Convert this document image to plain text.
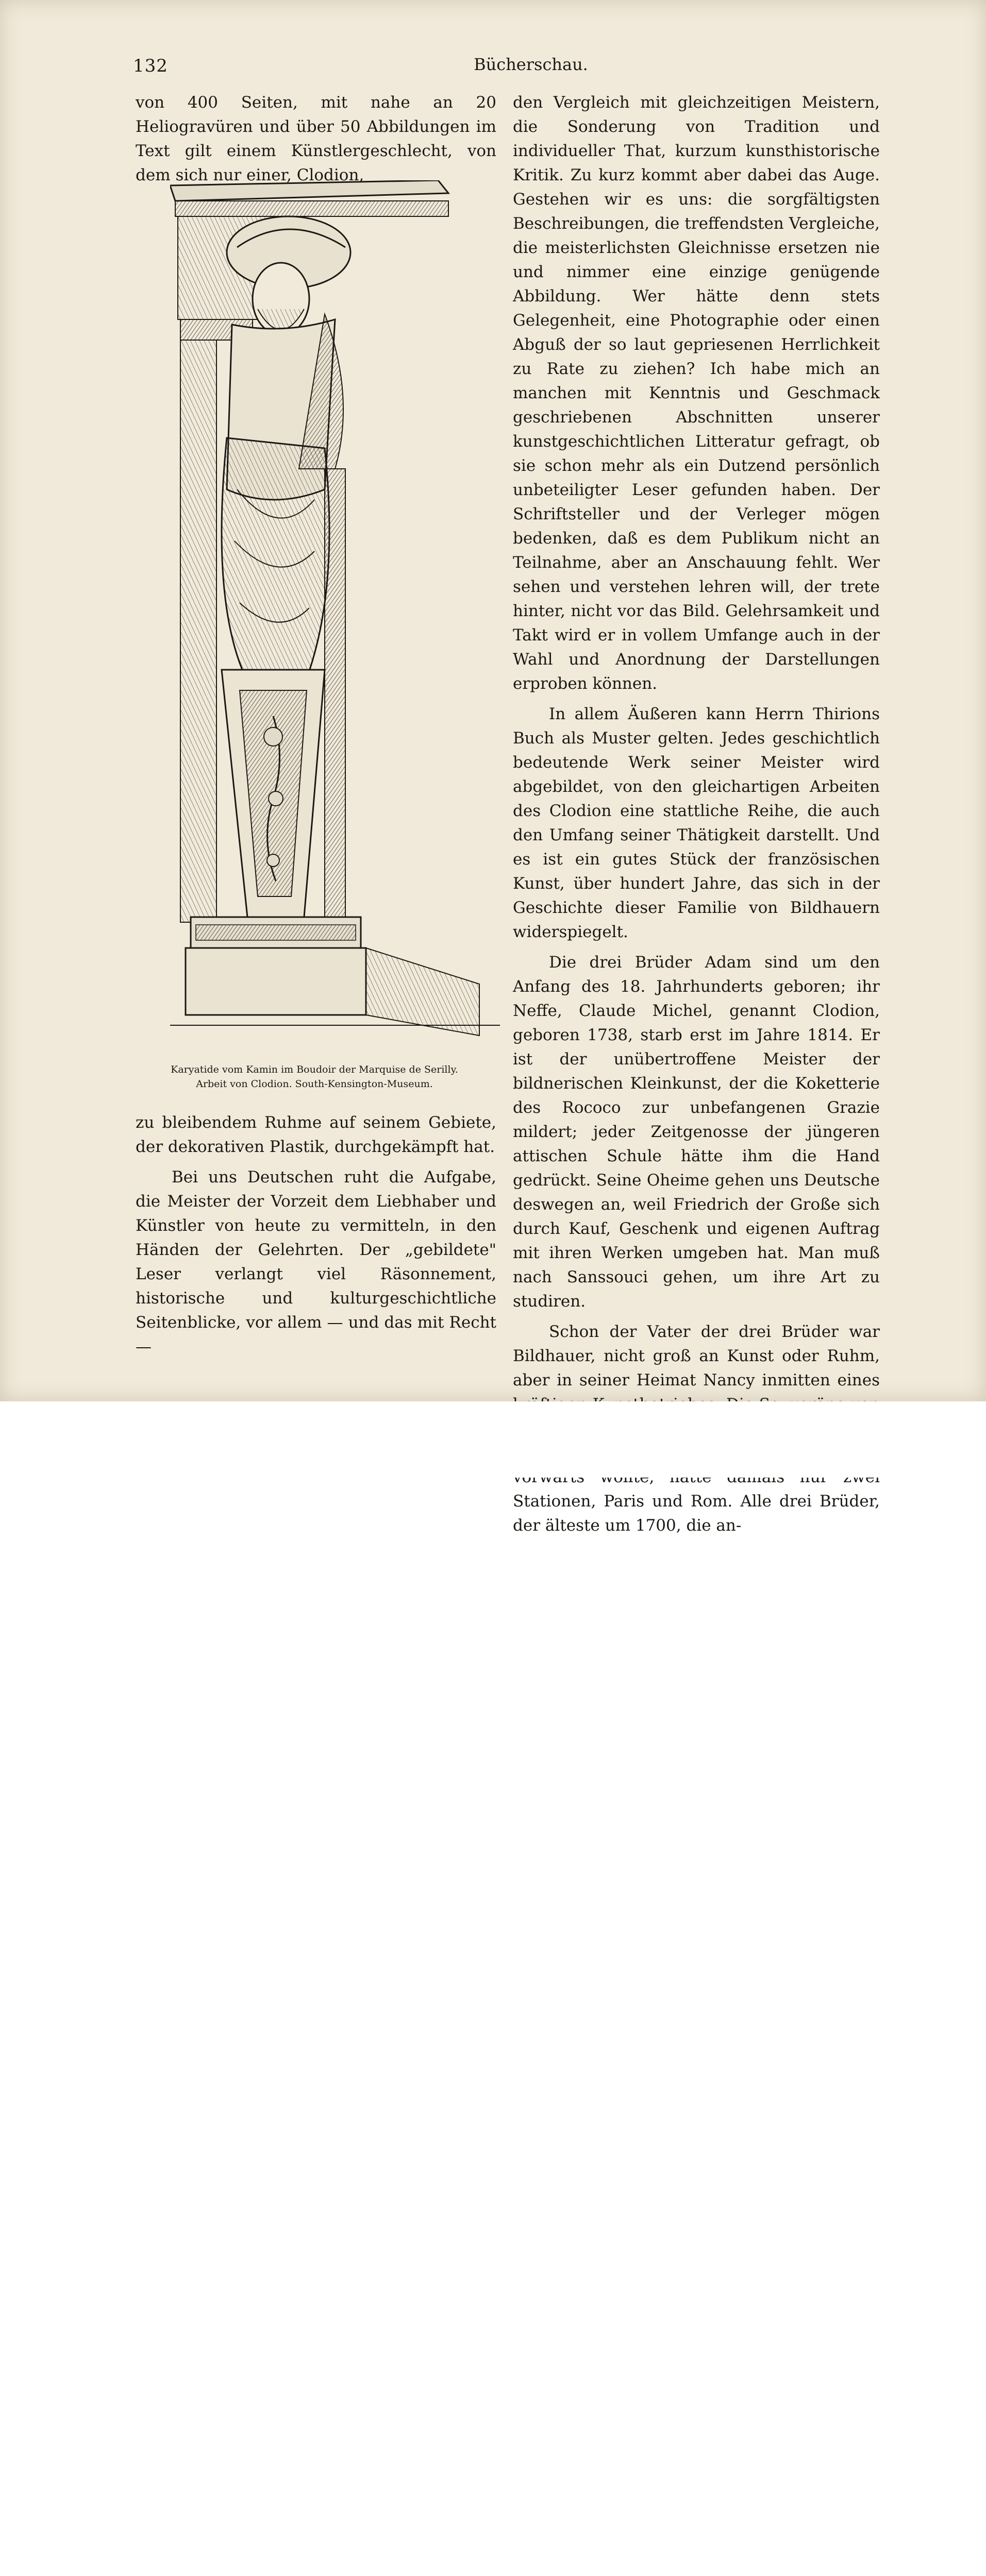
132	Bücherschau.

von 400 Seiten, mit nahe an 20 Heliogravüren und über 50 Abbildungen im Text gilt einem Künstlergeschlecht, von dem sich nur einer, Clodion,

Karyatide vom Kamin im Boudoir der Marquise de Serilly.
Arbeit von Clodion. South-Kensington-Museum.

zu bleibendem Ruhme auf seinem Gebiete, der dekorativen Plastik, durchgekämpft hat.

Bei uns Deutschen ruht die Aufgabe, die Meister der Vorzeit dem Liebhaber und Künstler von heute zu vermitteln, in den Händen der Gelehrten. Der „gebildete" Leser verlangt viel Räsonnement, historische und kulturgeschichtliche Seitenblicke, vor allem — und das mit Recht —

den Vergleich mit gleichzeitigen Meistern, die Sonderung von Tradition und individueller That, kurzum kunsthistorische Kritik. Zu kurz kommt aber dabei das Auge. Gestehen wir es uns: die sorgfältigsten Beschreibungen, die treffendsten Vergleiche, die meisterlichsten Gleichnisse ersetzen nie und nimmer eine einzige genügende Abbildung. Wer hätte denn stets Gelegenheit, eine Photographie oder einen Abguß der so laut gepriesenen Herrlichkeit zu Rate zu ziehen? Ich habe mich an manchen mit Kenntnis und Geschmack geschriebenen Abschnitten unserer kunstgeschichtlichen Litteratur gefragt, ob sie schon mehr als ein Dutzend persönlich unbeteiligter Leser gefunden haben. Der Schriftsteller und der Verleger mögen bedenken, daß es dem Publikum nicht an Teilnahme, aber an Anschauung fehlt. Wer sehen und verstehen lehren will, der trete hinter, nicht vor das Bild. Gelehrsamkeit und Takt wird er in vollem Umfange auch in der Wahl und Anordnung der Darstellungen erproben können.

In allem Äußeren kann Herrn Thirions Buch als Muster gelten. Jedes geschichtlich bedeutende Werk seiner Meister wird abgebildet, von den gleichartigen Arbeiten des Clodion eine stattliche Reihe, die auch den Umfang seiner Thätigkeit darstellt. Und es ist ein gutes Stück der französischen Kunst, über hundert Jahre, das sich in der Geschichte dieser Familie von Bildhauern widerspiegelt.

Die drei Brüder Adam sind um den Anfang des 18. Jahrhunderts geboren; ihr Neffe, Claude Michel, genannt Clodion, geboren 1738, starb erst im Jahre 1814. Er ist der unübertroffene Meister der bildnerischen Kleinkunst, der die Koketterie des Rococo zur unbefangenen Grazie mildert; jeder Zeitgenosse der jüngeren attischen Schule hätte ihm die Hand gedrückt. Seine Oheime gehen uns Deutsche deswegen an, weil Friedrich der Große sich durch Kauf, Geschenk und eigenen Auftrag mit ihren Werken umgeben hat. Man muß nach Sanssouci gehen, um ihre Art zu studiren.

Schon der Vater der drei Brüder war Bildhauer, nicht groß an Kunst oder Ruhm, aber in seiner Heimat Nancy inmitten eines Stationen, Paris und Rom. Alle drei Brüder, der älteste um 1700, die an-
